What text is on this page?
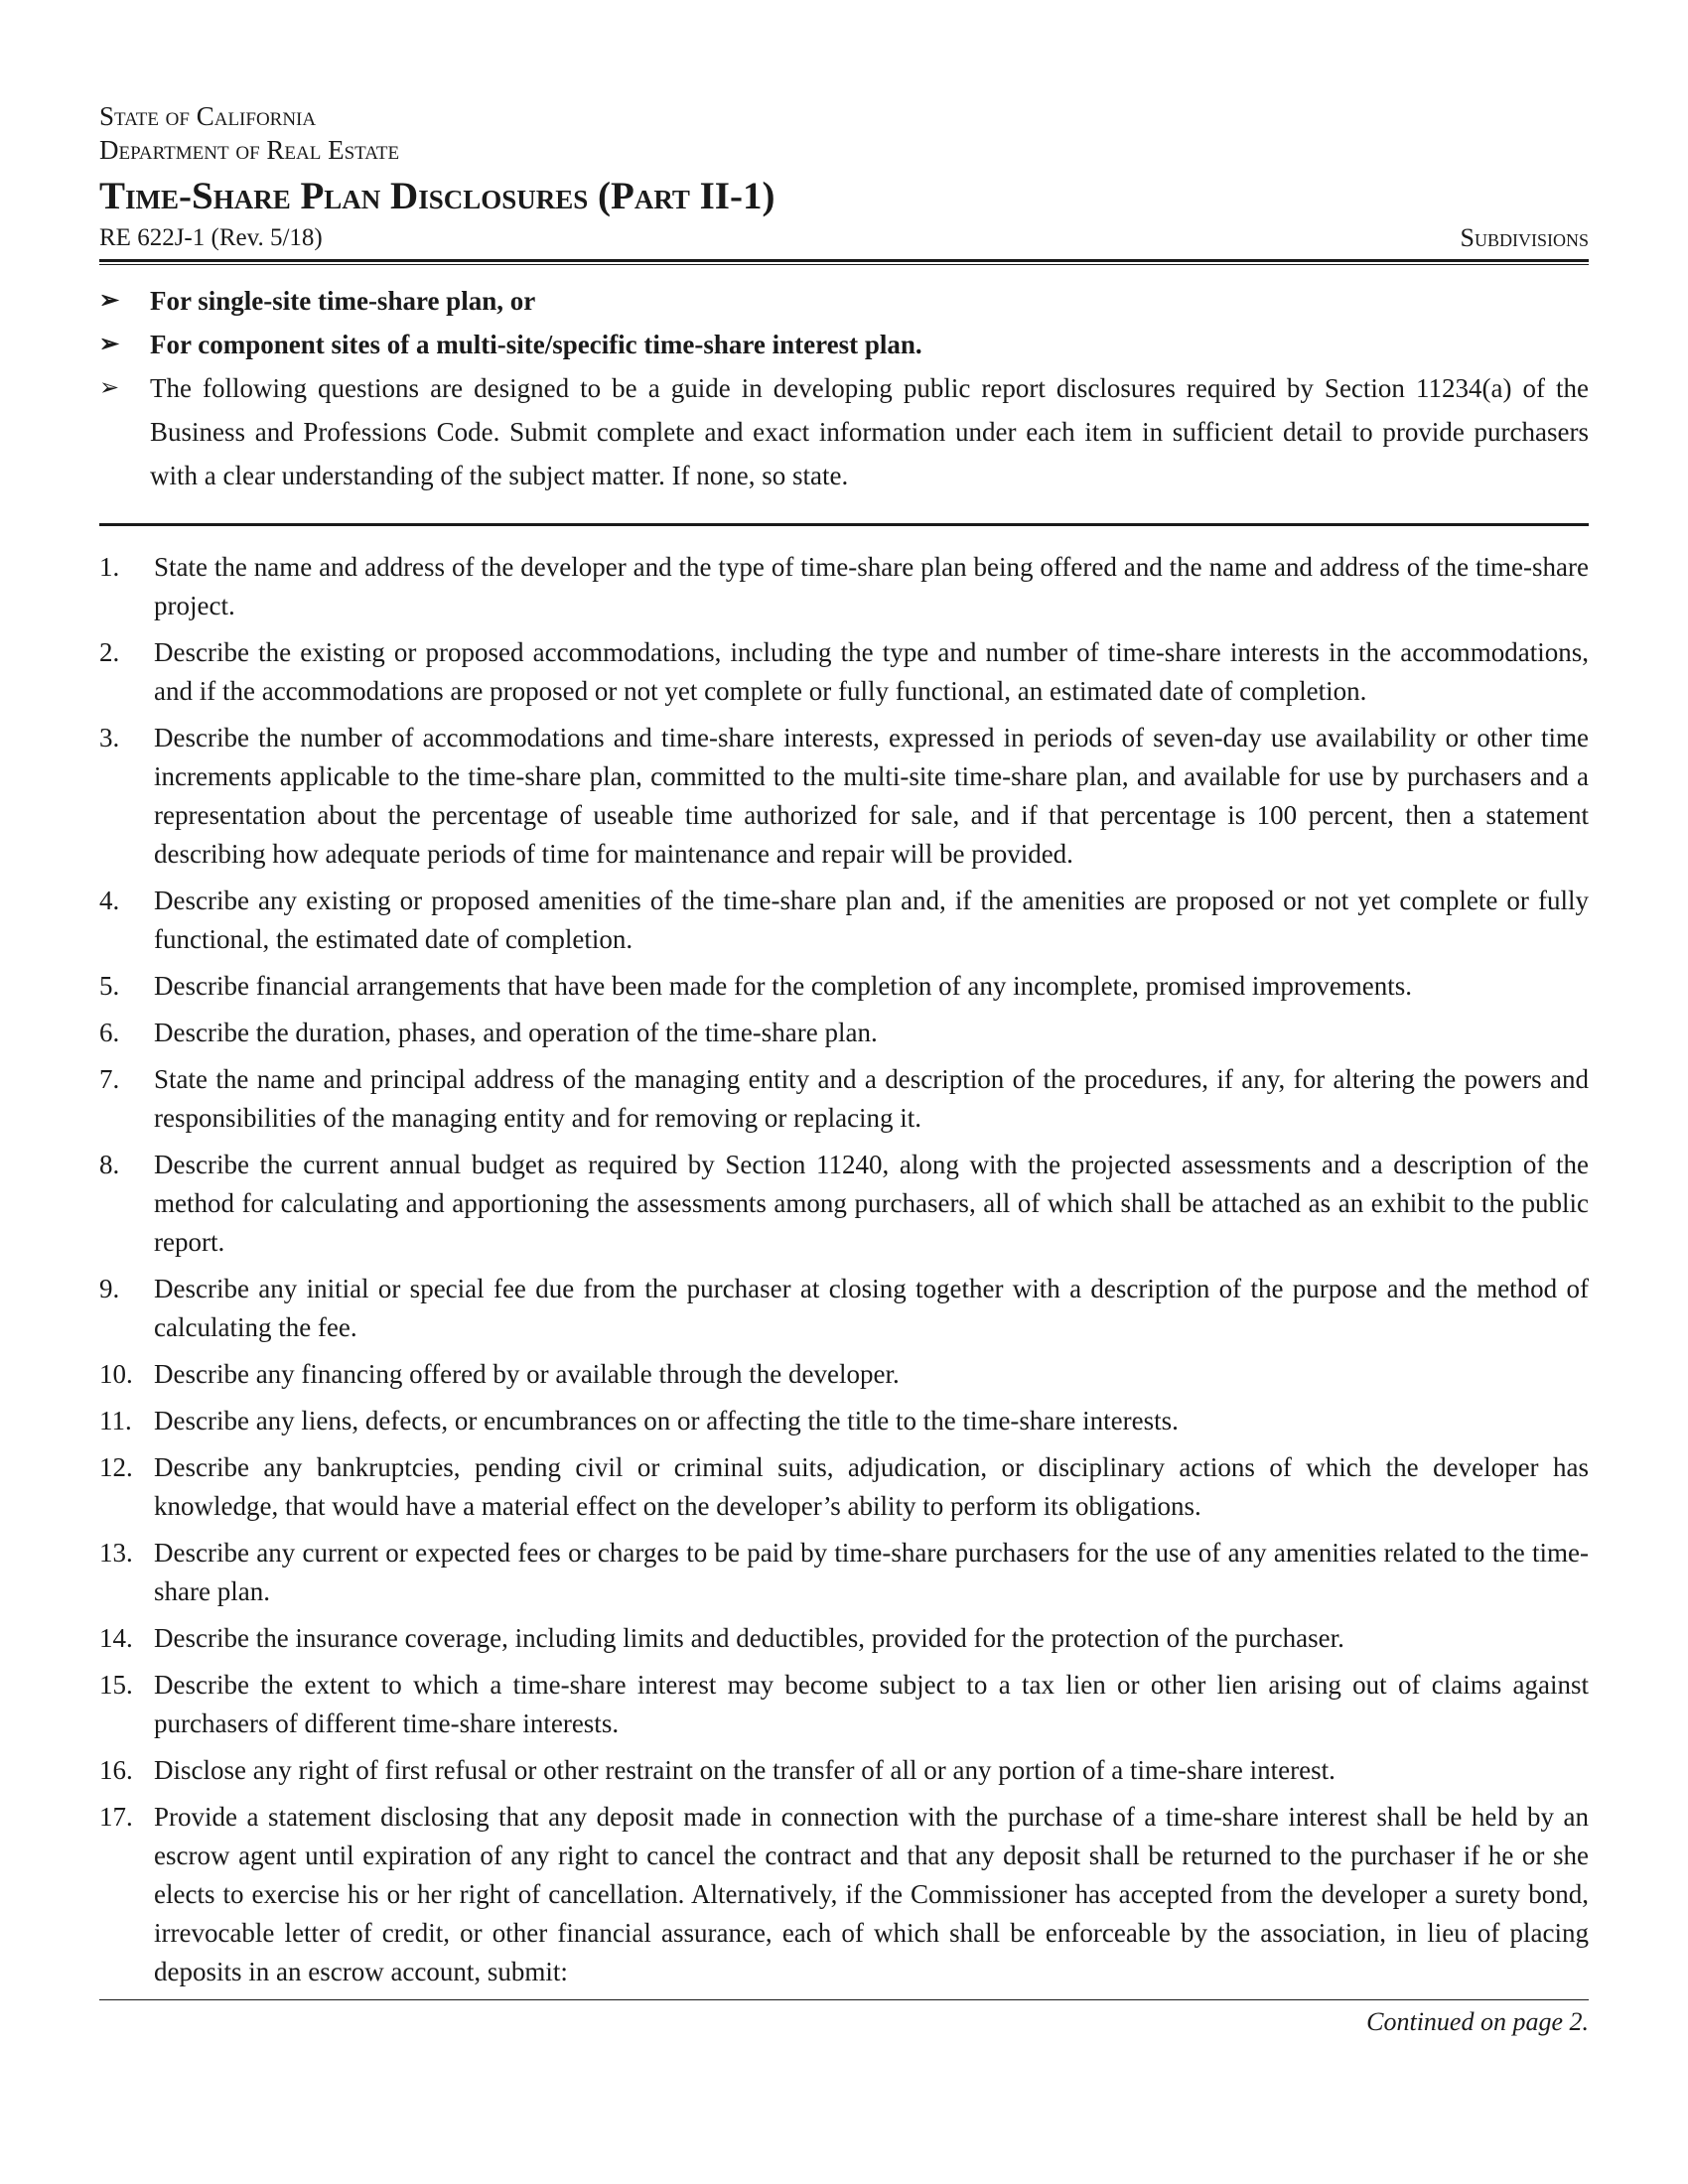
State of California
Department of Real Estate
Time-Share Plan Disclosures (Part II-1)
RE 622J-1 (Rev. 5/18)	Subdivisions
➢ For single-site time-share plan, or
➢ For component sites of a multi-site/specific time-share interest plan.
➢ The following questions are designed to be a guide in developing public report disclosures required by Section 11234(a) of the Business and Professions Code. Submit complete and exact information under each item in sufficient detail to provide purchasers with a clear understanding of the subject matter. If none, so state.
1. State the name and address of the developer and the type of time-share plan being offered and the name and address of the time-share project.
2. Describe the existing or proposed accommodations, including the type and number of time-share interests in the accommodations, and if the accommodations are proposed or not yet complete or fully functional, an estimated date of completion.
3. Describe the number of accommodations and time-share interests, expressed in periods of seven-day use availability or other time increments applicable to the time-share plan, committed to the multi-site time-share plan, and available for use by purchasers and a representation about the percentage of useable time authorized for sale, and if that percentage is 100 percent, then a statement describing how adequate periods of time for maintenance and repair will be provided.
4. Describe any existing or proposed amenities of the time-share plan and, if the amenities are proposed or not yet complete or fully functional, the estimated date of completion.
5. Describe financial arrangements that have been made for the completion of any incomplete, promised improvements.
6. Describe the duration, phases, and operation of the time-share plan.
7. State the name and principal address of the managing entity and a description of the procedures, if any, for altering the powers and responsibilities of the managing entity and for removing or replacing it.
8. Describe the current annual budget as required by Section 11240, along with the projected assessments and a description of the method for calculating and apportioning the assessments among purchasers, all of which shall be attached as an exhibit to the public report.
9. Describe any initial or special fee due from the purchaser at closing together with a description of the purpose and the method of calculating the fee.
10. Describe any financing offered by or available through the developer.
11. Describe any liens, defects, or encumbrances on or affecting the title to the time-share interests.
12. Describe any bankruptcies, pending civil or criminal suits, adjudication, or disciplinary actions of which the developer has knowledge, that would have a material effect on the developer’s ability to perform its obligations.
13. Describe any current or expected fees or charges to be paid by time-share purchasers for the use of any amenities related to the time-share plan.
14. Describe the insurance coverage, including limits and deductibles, provided for the protection of the purchaser.
15. Describe the extent to which a time-share interest may become subject to a tax lien or other lien arising out of claims against purchasers of different time-share interests.
16. Disclose any right of first refusal or other restraint on the transfer of all or any portion of a time-share interest.
17. Provide a statement disclosing that any deposit made in connection with the purchase of a time-share interest shall be held by an escrow agent until expiration of any right to cancel the contract and that any deposit shall be returned to the purchaser if he or she elects to exercise his or her right of cancellation. Alternatively, if the Commissioner has accepted from the developer a surety bond, irrevocable letter of credit, or other financial assurance, each of which shall be enforceable by the association, in lieu of placing deposits in an escrow account, submit:
Continued on page 2.
